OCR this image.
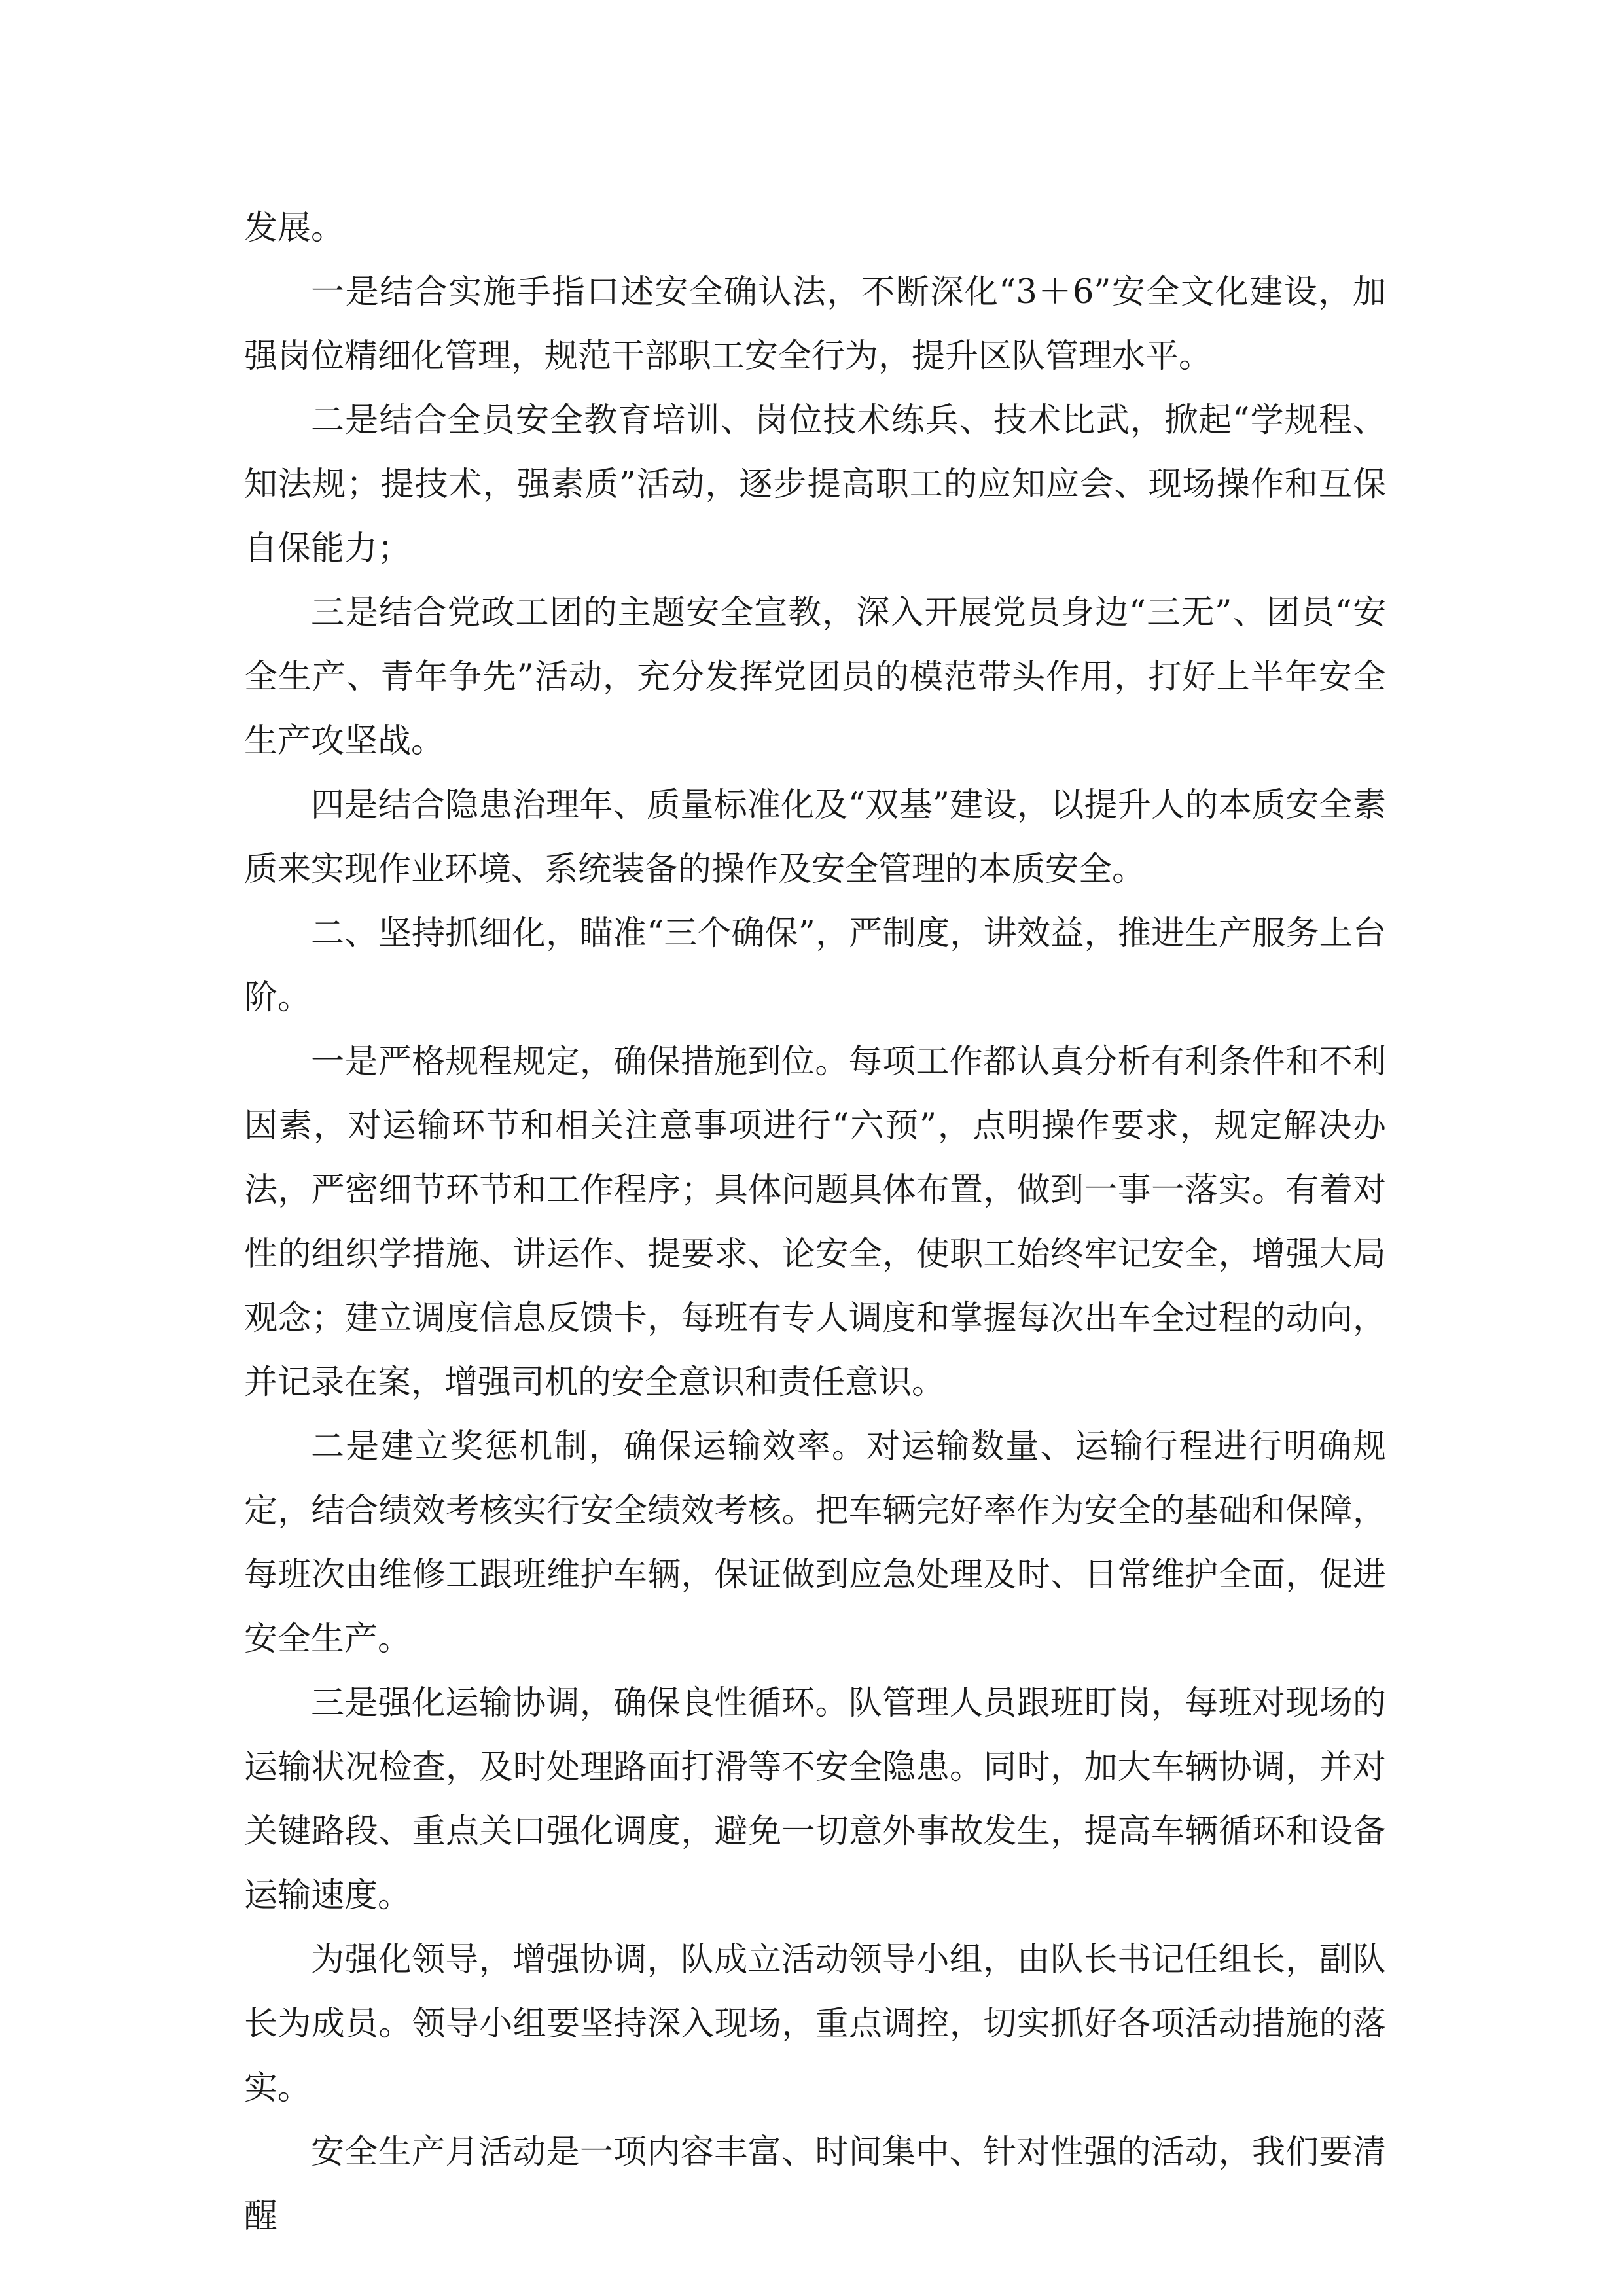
发展。

一是结合实施手指口述安全确认法，不断深化“3＋6”安全文化建设，加强岗位精细化管理，规范干部职工安全行为，提升区队管理水平。

二是结合全员安全教育培训、岗位技术练兵、技术比武，掀起“学规程、知法规；提技术，强素质”活动，逐步提高职工的应知应会、现场操作和互保自保能力；

三是结合党政工团的主题安全宣教，深入开展党员身边“三无”、团员“安全生产、青年争先”活动，充分发挥党团员的模范带头作用，打好上半年安全生产攻坚战。

四是结合隐患治理年、质量标准化及“双基”建设，以提升人的本质安全素质来实现作业环境、系统装备的操作及安全管理的本质安全。

二、坚持抓细化，瞄准“三个确保”，严制度，讲效益，推进生产服务上台阶。

一是严格规程规定，确保措施到位。每项工作都认真分析有利条件和不利因素，对运输环节和相关注意事项进行“六预”，点明操作要求，规定解决办法，严密细节环节和工作程序；具体问题具体布置，做到一事一落实。有着对性的组织学措施、讲运作、提要求、论安全，使职工始终牢记安全，增强大局观念；建立调度信息反馈卡，每班有专人调度和掌握每次出车全过程的动向，并记录在案，增强司机的安全意识和责任意识。

二是建立奖惩机制，确保运输效率。对运输数量、运输行程进行明确规定，结合绩效考核实行安全绩效考核。把车辆完好率作为安全的基础和保障，每班次由维修工跟班维护车辆，保证做到应急处理及时、日常维护全面，促进安全生产。

三是强化运输协调，确保良性循环。队管理人员跟班盯岗，每班对现场的运输状况检查，及时处理路面打滑等不安全隐患。同时，加大车辆协调，并对关键路段、重点关口强化调度，避免一切意外事故发生，提高车辆循环和设备运输速度。

为强化领导，增强协调，队成立活动领导小组，由队长书记任组长，副队长为成员。领导小组要坚持深入现场，重点调控，切实抓好各项活动措施的落实。

安全生产月活动是一项内容丰富、时间集中、针对性强的活动，我们要清醒
